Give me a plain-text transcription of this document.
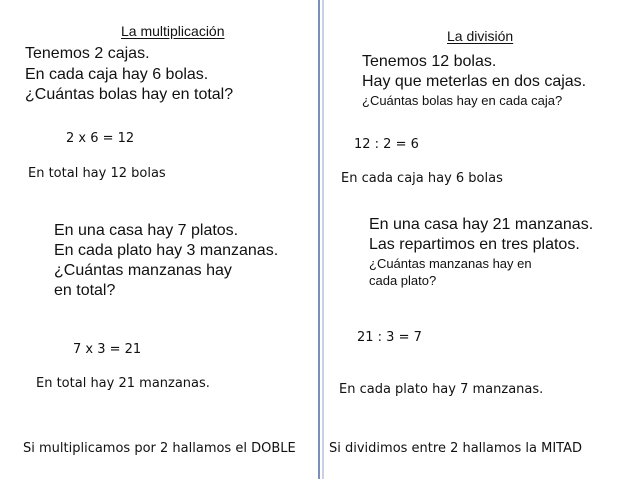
La multiplicación
Tenemos 2 cajas.
En cada caja hay 6 bolas.
¿Cuántas bolas hay en total?
2 x 6 = 12
En total hay 12 bolas
En una casa hay 7 platos.
En cada plato hay 3 manzanas.
¿Cuántas manzanas hay
en total?
7 x 3 = 21
En total hay 21 manzanas.
Si multiplicamos por 2 hallamos el DOBLE
La división
Tenemos 12 bolas.
Hay que meterlas en dos cajas.
¿Cuántas bolas hay en cada caja?
12 : 2 = 6
En cada caja hay 6 bolas
En una casa hay 21 manzanas.
Las repartimos en tres platos.
¿Cuántas manzanas hay en
cada plato?
21 : 3 = 7
En cada plato hay 7 manzanas.
Si dividimos entre 2 hallamos la MITAD
